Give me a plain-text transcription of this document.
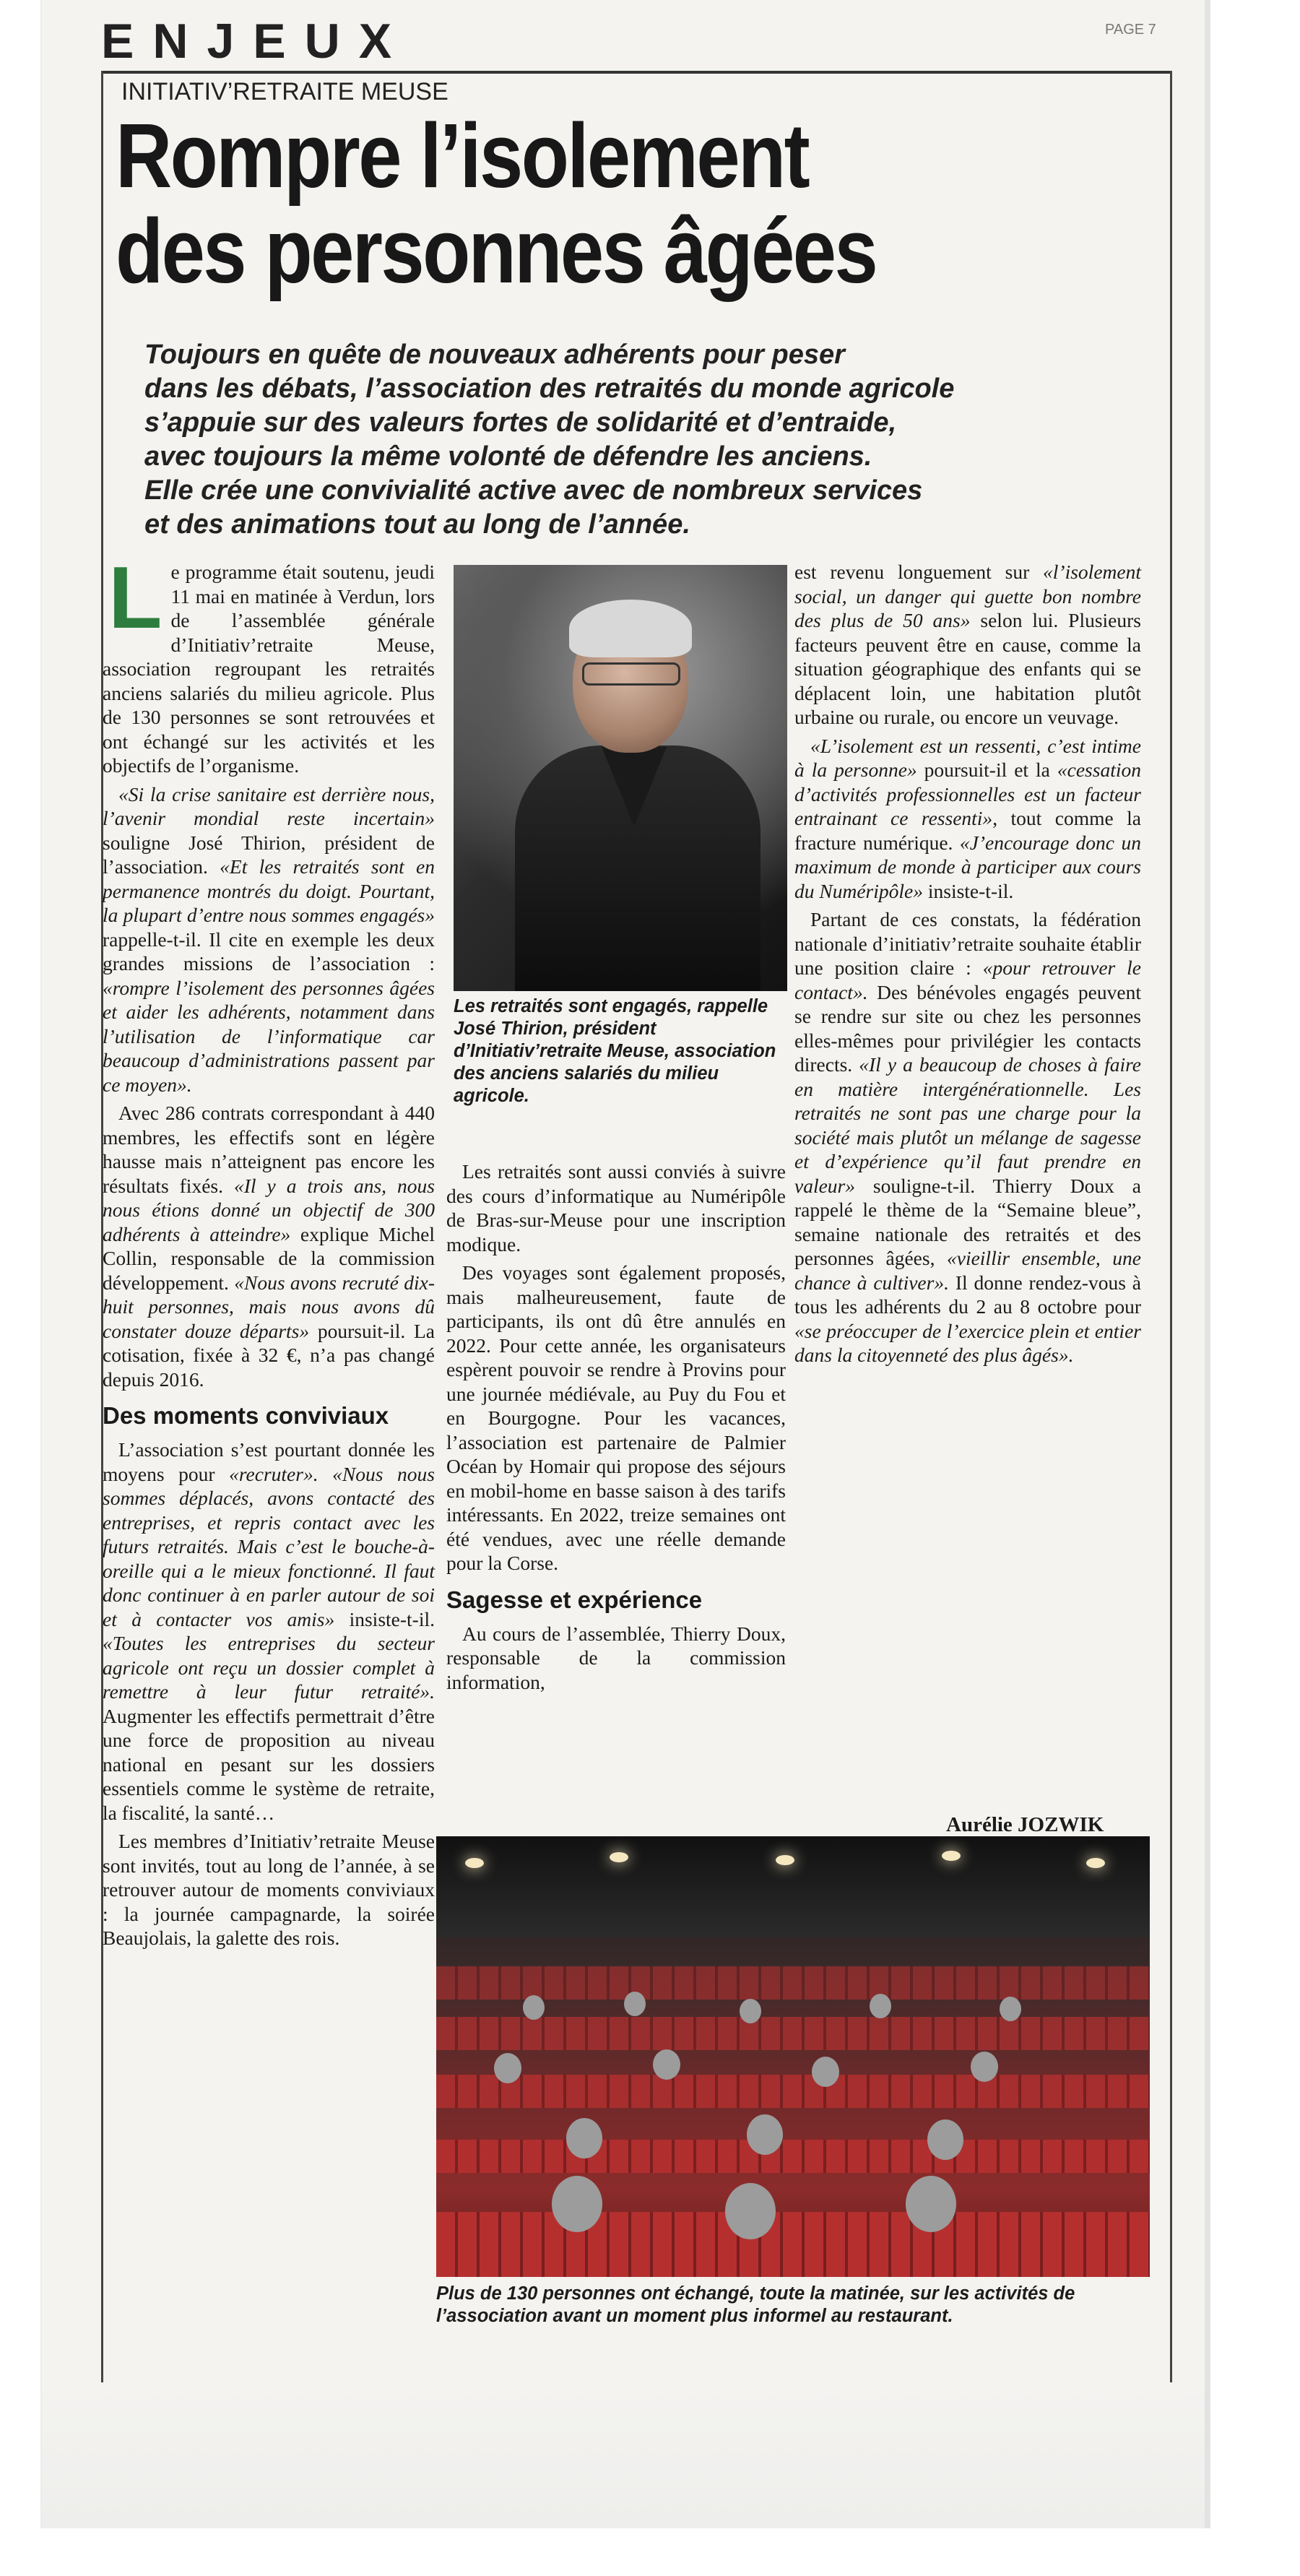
ENJEUX	PAGE 7
INITIATIV’RETRAITE MEUSE
Rompre l’isolement
des personnes âgées
Toujours en quête de nouveaux adhérents pour peser
dans les débats, l’association des retraités du monde agricole
s’appuie sur des valeurs fortes de solidarité et d’entraide,
avec toujours la même volonté de défendre les anciens.
Elle crée une convivialité active avec de nombreux services
et des animations tout au long de l’année.

Le programme était soutenu, jeudi 11 mai en matinée à Verdun, lors de l’assemblée générale d’Initiativ’retraite Meuse, association regroupant les retraités anciens salariés du milieu agricole. Plus de 130 personnes se sont retrouvées et ont échangé sur les activités et les objectifs de l’organisme.

«Si la crise sanitaire est derrière nous, l’avenir mondial reste incertain» souligne José Thirion, président de l’association. «Et les retraités sont en permanence montrés du doigt. Pourtant, la plupart d’entre nous sommes engagés» rappelle-t-il. Il cite en exemple les deux grandes missions de l’association : «rompre l’isolement des personnes âgées et aider les adhérents, notamment dans l’utilisation de l’informatique car beaucoup d’administrations passent par ce moyen».

Avec 286 contrats correspondant à 440 membres, les effectifs sont en légère hausse mais n’atteignent pas encore les résultats fixés. «Il y a trois ans, nous nous étions donné un objectif de 300 adhérents à atteindre» explique Michel Collin, responsable de la commission développement. «Nous avons recruté dix-huit personnes, mais nous avons dû constater douze départs» poursuit-il. La cotisation, fixée à 32 €, n’a pas changé depuis 2016.

Des moments conviviaux

L’association s’est pourtant donnée les moyens pour «recruter». «Nous nous sommes déplacés, avons contacté des entreprises, et repris contact avec les futurs retraités. Mais c’est le bouche-à-oreille qui a le mieux fonctionné. Il faut donc continuer à en parler autour de soi et à contacter vos amis» insiste-t-il. «Toutes les entreprises du secteur agricole ont reçu un dossier complet à remettre à leur futur retraité». Augmenter les effectifs permettrait d’être une force de proposition au niveau national en pesant sur les dossiers essentiels comme le système de retraite, la fiscalité, la santé…

Les membres d’Initiativ’retraite Meuse sont invités, tout au long de l’année, à se retrouver autour de moments conviviaux : la journée campagnarde, la soirée Beaujolais, la galette des rois.

Les retraités sont engagés, rappelle José Thirion, président d’Initiativ’retraite Meuse, association des anciens salariés du milieu agricole.

Les retraités sont aussi conviés à suivre des cours d’informatique au Numéripôle de Bras-sur-Meuse pour une inscription modique.

Des voyages sont également proposés, mais malheureusement, faute de participants, ils ont dû être annulés en 2022. Pour cette année, les organisateurs espèrent pouvoir se rendre à Provins pour une journée médiévale, au Puy du Fou et en Bourgogne. Pour les vacances, l’association est partenaire de Palmier Océan by Homair qui propose des séjours en mobil-home en basse saison à des tarifs intéressants. En 2022, treize semaines ont été vendues, avec une réelle demande pour la Corse.

Sagesse et expérience

Au cours de l’assemblée, Thierry Doux, responsable de la commission information,

est revenu longuement sur «l’isolement social, un danger qui guette bon nombre des plus de 50 ans» selon lui. Plusieurs facteurs peuvent être en cause, comme la situation géographique des enfants qui se déplacent loin, une habitation plutôt urbaine ou rurale, ou encore un veuvage.

«L’isolement est un ressenti, c’est intime à la personne» poursuit-il et la «cessation d’activités professionnelles est un facteur entrainant ce ressenti», tout comme la fracture numérique. «J’encourage donc un maximum de monde à participer aux cours du Numéripôle» insiste-t-il.

Partant de ces constats, la fédération nationale d’initiativ’retraite souhaite établir une position claire : «pour retrouver le contact». Des bénévoles engagés peuvent se rendre sur site ou chez les personnes elles-mêmes pour privilégier les contacts directs. «Il y a beaucoup de choses à faire en matière intergénérationnelle. Les retraités ne sont pas une charge pour la société mais plutôt un mélange de sagesse et d’expérience qu’il faut prendre en valeur» souligne-t-il. Thierry Doux a rappelé le thème de la “Semaine bleue”, semaine nationale des retraités et des personnes âgées, «vieillir ensemble, une chance à cultiver». Il donne rendez-vous à tous les adhérents du 2 au 8 octobre pour «se préoccuper de l’exercice plein et entier dans la citoyenneté des plus âgés».

Aurélie JOZWIK
Plus de 130 personnes ont échangé, toute la matinée, sur les activités de l’association avant un moment plus informel au restaurant.
